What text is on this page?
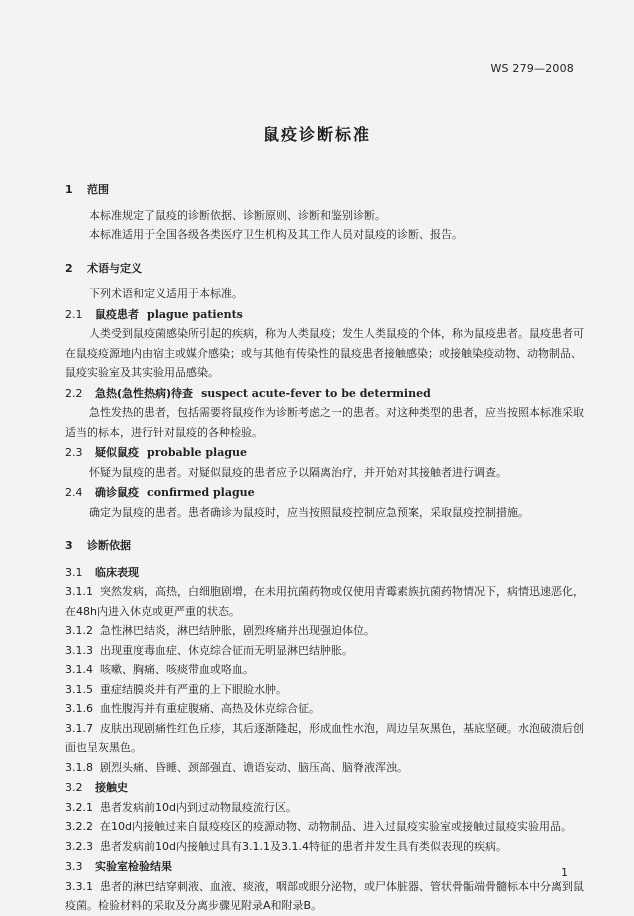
WS 279—2008
鼠疫诊断标准
1 范围
本标准规定了鼠疫的诊断依据、诊断原则、诊断和鉴别诊断。
本标准适用于全国各级各类医疗卫生机构及其工作人员对鼠疫的诊断、报告。
2 术语与定义
下列术语和定义适用于本标准。
2.1 鼠疫患者 plague patients
人类受到鼠疫菌感染所引起的疾病，称为人类鼠疫；发生人类鼠疫的个体，称为鼠疫患者。鼠疫患者可在鼠疫疫源地内由宿主或媒介感染；或与其他有传染性的鼠疫患者接触感染；或接触染疫动物、动物制品、鼠疫实验室及其实验用品感染。
2.2 急热(急性热病)待查 suspect acute-fever to be determined
急性发热的患者，包括需要将鼠疫作为诊断考虑之一的患者。对这种类型的患者，应当按照本标准采取适当的标本，进行针对鼠疫的各种检验。
2.3 疑似鼠疫 probable plague
怀疑为鼠疫的患者。对疑似鼠疫的患者应予以隔离治疗，并开始对其接触者进行调查。
2.4 确诊鼠疫 confirmed plague
确定为鼠疫的患者。患者确诊为鼠疫时，应当按照鼠疫控制应急预案，采取鼠疫控制措施。
3 诊断依据
3.1 临床表现
3.1.1 突然发病，高热，白细胞剧增，在未用抗菌药物或仅使用青霉素族抗菌药物情况下，病情迅速恶化，在48h内进入休克或更严重的状态。
3.1.2 急性淋巴结炎，淋巴结肿胀，剧烈疼痛并出现强迫体位。
3.1.3 出现重度毒血症、休克综合征而无明显淋巴结肿胀。
3.1.4 咳嗽、胸痛、咳痰带血或咯血。
3.1.5 重症结膜炎并有严重的上下眼睑水肿。
3.1.6 血性腹泻并有重症腹痛、高热及休克综合征。
3.1.7 皮肤出现剧痛性红色丘疹，其后逐渐隆起，形成血性水泡，周边呈灰黑色，基底坚硬。水泡破溃后创面也呈灰黑色。
3.1.8 剧烈头痛、昏睡、颈部强直、谵语妄动、脑压高、脑脊液浑浊。
3.2 接触史
3.2.1 患者发病前10d内到过动物鼠疫流行区。
3.2.2 在10d内接触过来自鼠疫疫区的疫源动物、动物制品、进入过鼠疫实验室或接触过鼠疫实验用品。
3.2.3 患者发病前10d内接触过具有3.1.1及3.1.4特征的患者并发生具有类似表现的疾病。
3.3 实验室检验结果
3.3.1 患者的淋巴结穿刺液、血液、痰液，咽部或眼分泌物，或尸体脏器、管状骨骺端骨髓标本中分离到鼠疫菌。检验材料的采取及分离步骤见附录A和附录B。
1
